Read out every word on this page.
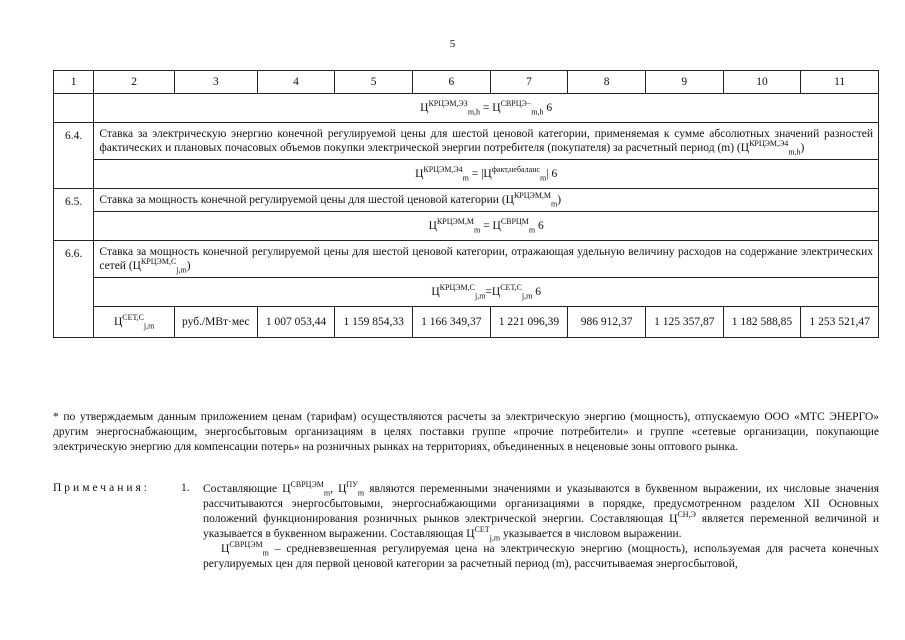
5
1	2	3	4	5	6	7	8	9	10	11
	$Ц^{КРЦЭМ,ЭЗ}_{m,h} = Ц^{СВРЦЭ-}_{m,h}$ 6									
6.4.	Ставка за электрическую энергию конечной регулируемой цены для шестой ценовой категории, применяемая к сумме абсолютных значений разностей фактических и плановых почасовых объемов покупки электрической энергии потребителя (покупателя) за расчетный период (m) $(Ц^{КРЦЭМ,Э4}_{m,h})$									
	$Ц^{КРЦЭМ,Э4}_m = |Ц^{факт,небаланс}_m|$ 6									
6.5.	Ставка за мощность конечной регулируемой цены для шестой ценовой категории $(Ц^{КРЦЭМ,М}_m)$									
	$Ц^{КРЦЭМ,М}_m = Ц^{СВРЦМ}_m$ 6									
6.6.	Ставка за мощность конечной регулируемой цены для шестой ценовой категории, отражающая удельную величину расходов на содержание электрических сетей $(Ц^{КРЦЭМ,С}_{j,m})$									
	$Ц^{КРЦЭМ,С}_{j,m}=Ц^{СЕТ,С}_{j,m}$ 6									
	$Ц^{СЕТ,С}_{j,m}$	руб./МВт·мес	1 007 053,44	1 159 854,33	1 166 349,37	1 221 096,39	986 912,37	1 125 357,87	1 182 588,85	1 253 521,47
* по утверждаемым данным приложением ценам (тарифам) осуществляются расчеты за электрическую энергию (мощность), отпускаемую ООО «МТС ЭНЕРГО» другим энергоснабжающим, энергосбытовым организациям в целях поставки группе «прочие потребители» и группе «сетевые организации, покупающие электрическую энергию для компенсации потерь» на розничных рынках на территориях, объединенных в неценовые зоны оптового рынка.
Примечания:	1. Составляющие $Ц^{СВРЦЭМ}_m$, $Ц^{ПУ}_m$ являются переменными значениями и указываются в буквенном выражении, их числовые значения рассчитываются энергосбытовыми, энергоснабжающими организациями в порядке, предусмотренном разделом XII Основных положений функционирования розничных рынков электрической энергии. Составляющая $Ц^{СН,Э}$ является переменной величиной и указывается в буквенном выражении. Составляющая $Ц^{СЕТ}_{j,m}$ указывается в числовом выражении.

$Ц^{СВРЦЭМ}_m$ – средневзвешенная регулируемая цена на электрическую энергию (мощность), используемая для расчета конечных регулируемых цен для первой ценовой категории за расчетный период (m), рассчитываемая энергосбытовой,
